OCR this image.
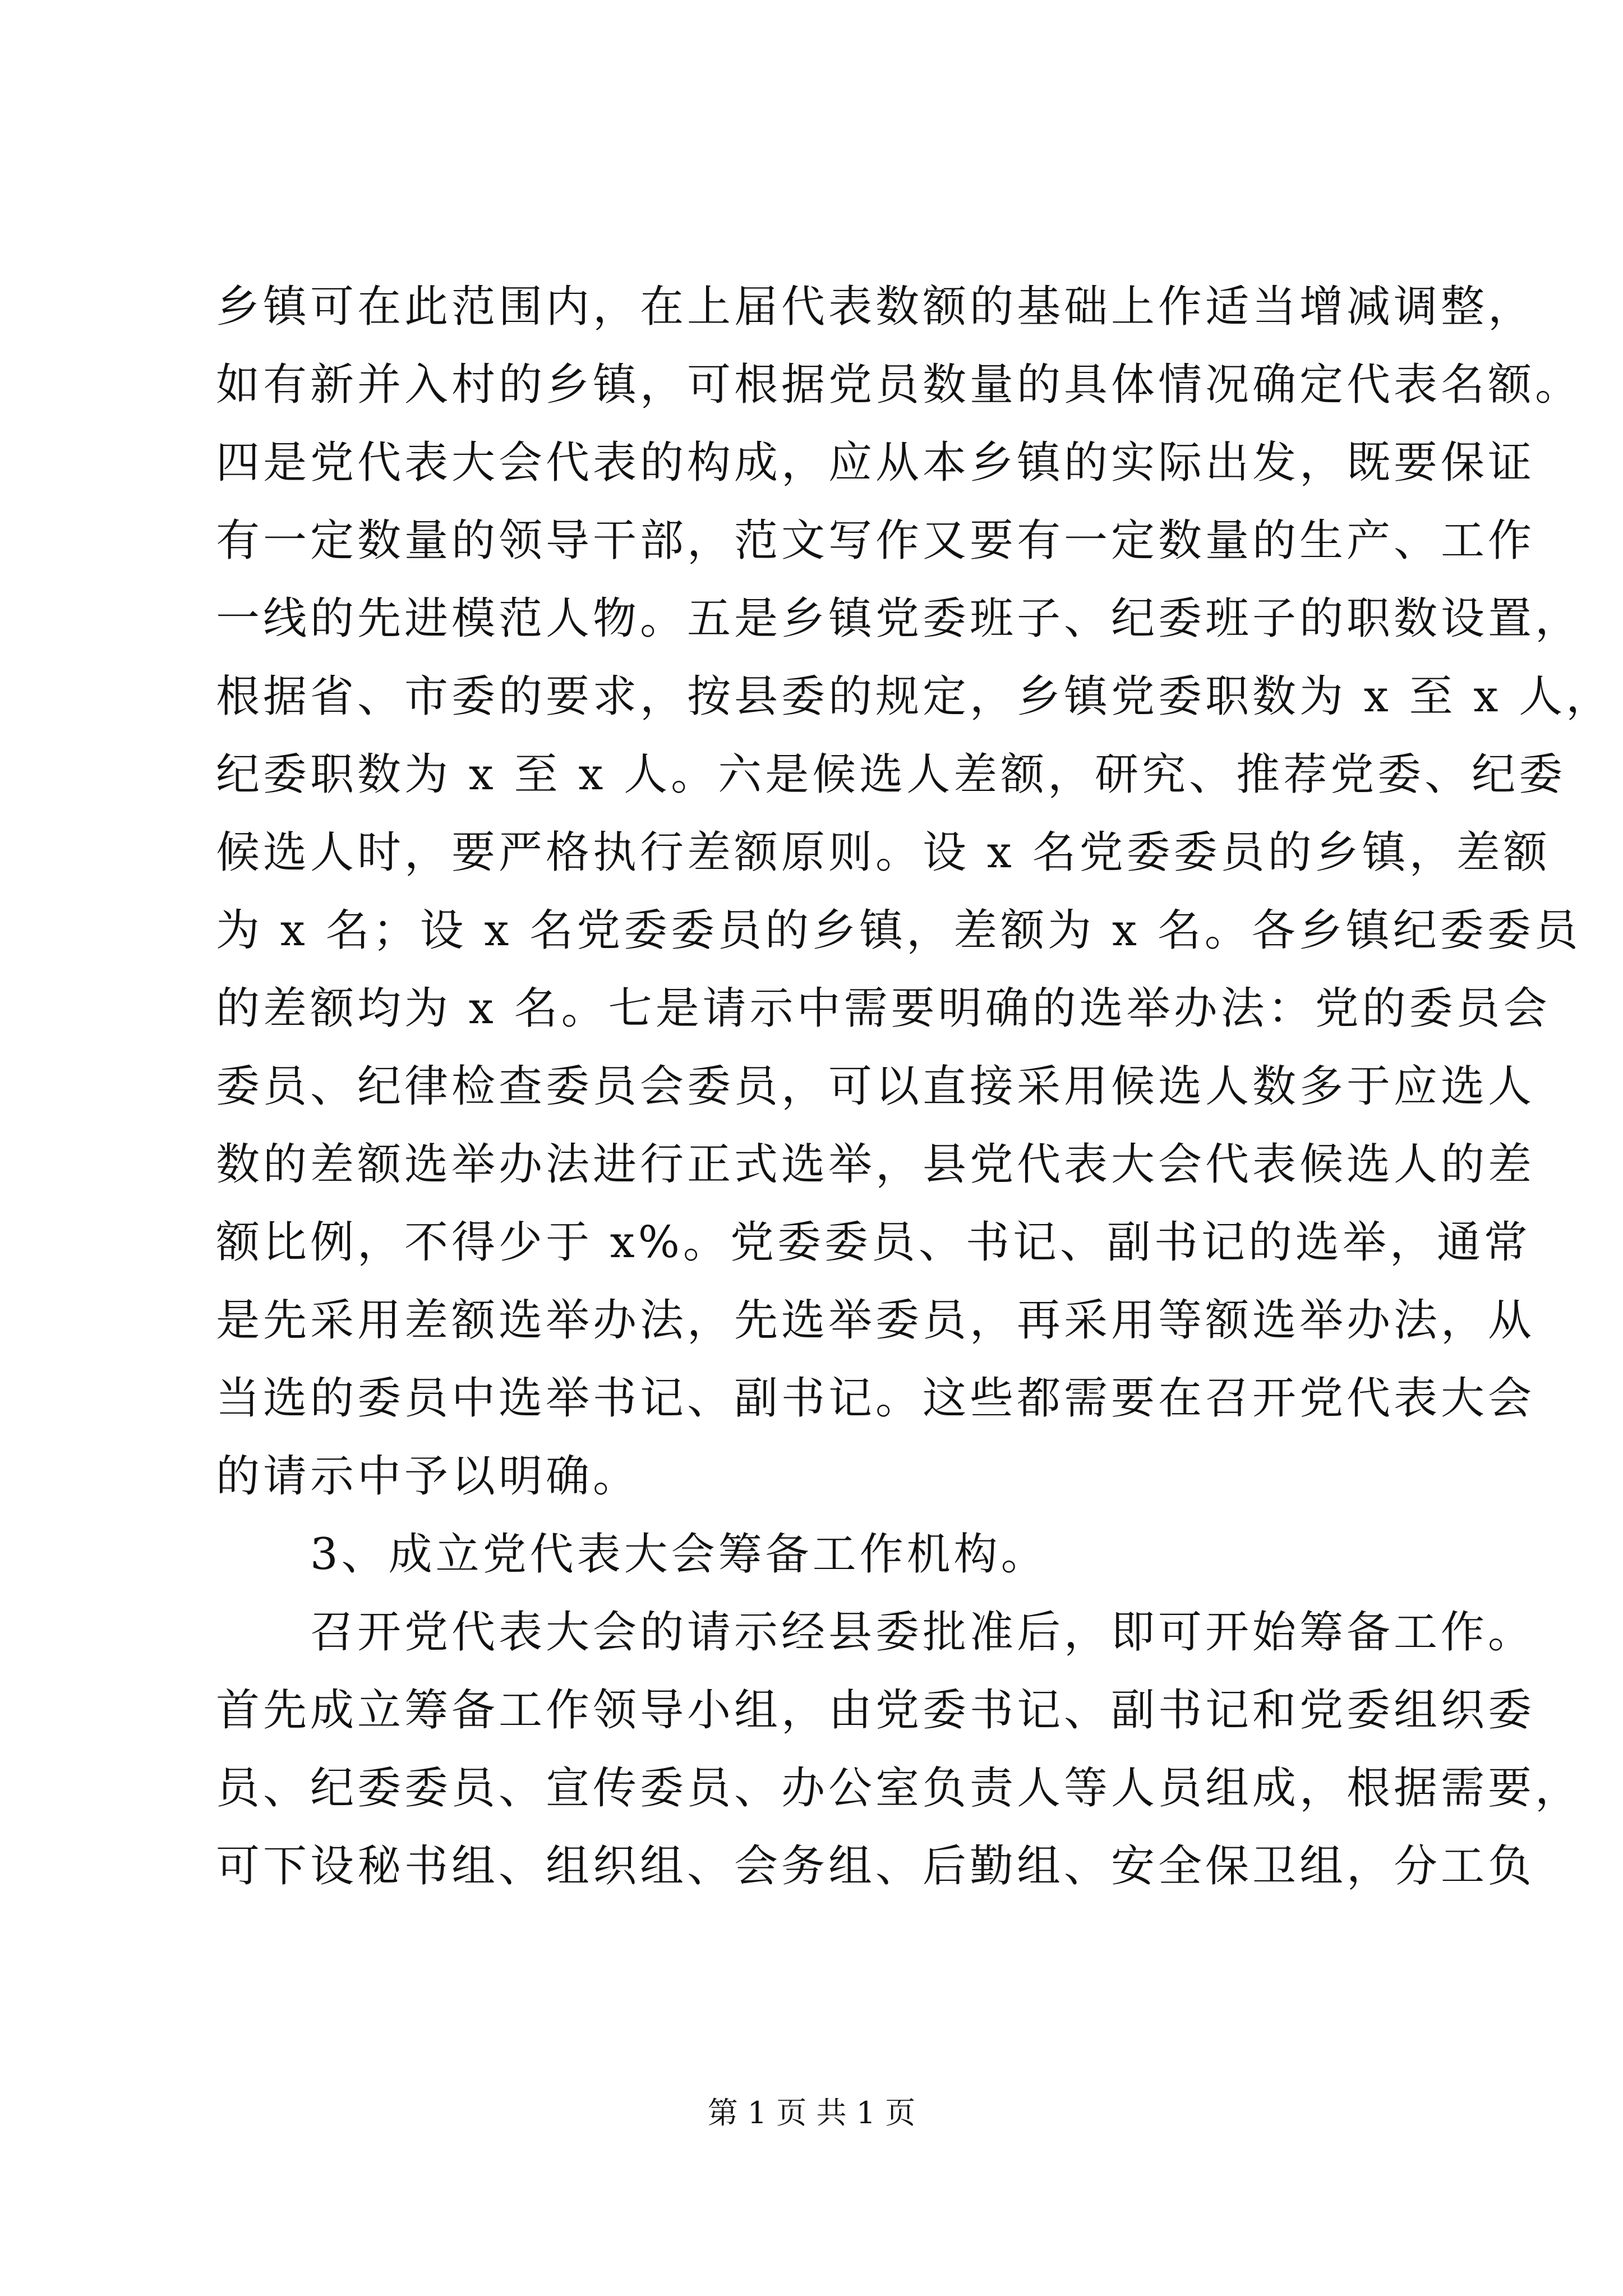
乡镇可在此范围内，在上届代表数额的基础上作适当增减调整，
如有新并入村的乡镇，可根据党员数量的具体情况确定代表名额。
四是党代表大会代表的构成，应从本乡镇的实际出发，既要保证
有一定数量的领导干部，范文写作又要有一定数量的生产、工作
一线的先进模范人物。五是乡镇党委班子、纪委班子的职数设置，
根据省、市委的要求，按县委的规定，乡镇党委职数为 x 至 x 人，
纪委职数为 x 至 x 人。六是候选人差额，研究、推荐党委、纪委
候选人时，要严格执行差额原则。设 x 名党委委员的乡镇，差额
为 x 名；设 x 名党委委员的乡镇，差额为 x 名。各乡镇纪委委员
的差额均为 x 名。七是请示中需要明确的选举办法：党的委员会
委员、纪律检查委员会委员，可以直接采用候选人数多于应选人
数的差额选举办法进行正式选举，县党代表大会代表候选人的差
额比例，不得少于 x%。党委委员、书记、副书记的选举，通常
是先采用差额选举办法，先选举委员，再采用等额选举办法，从
当选的委员中选举书记、副书记。这些都需要在召开党代表大会
的请示中予以明确。
　　3、成立党代表大会筹备工作机构。
　　召开党代表大会的请示经县委批准后，即可开始筹备工作。
首先成立筹备工作领导小组，由党委书记、副书记和党委组织委
员、纪委委员、宣传委员、办公室负责人等人员组成，根据需要，
可下设秘书组、组织组、会务组、后勤组、安全保卫组，分工负
第 1 页 共 1 页
